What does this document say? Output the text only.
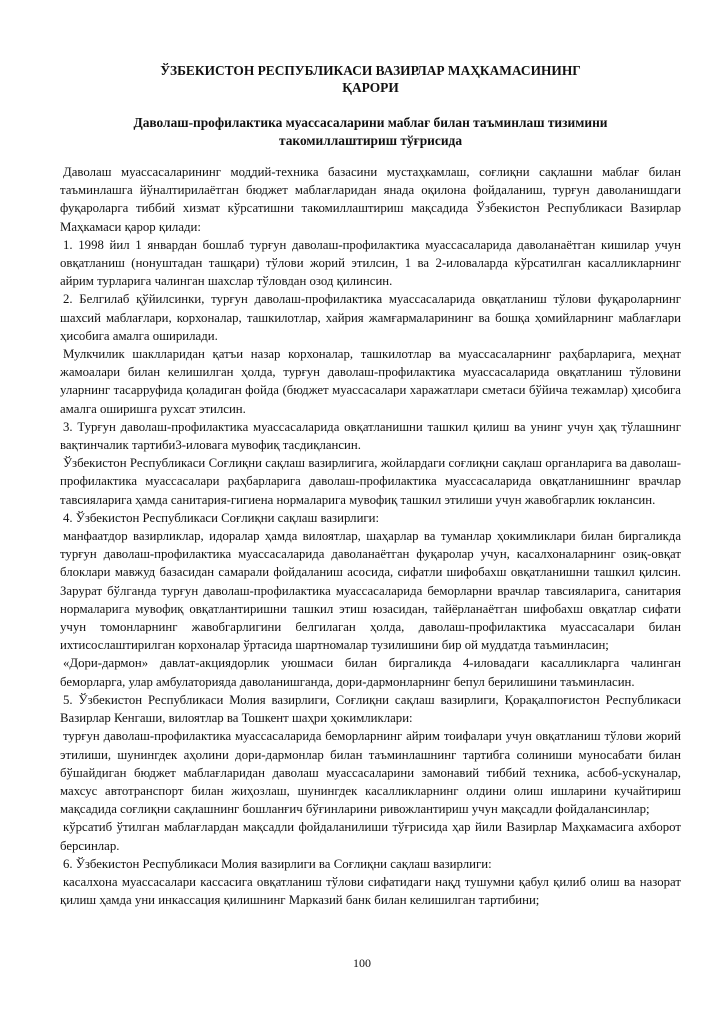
ЎЗБЕКИСТОН РЕСПУБЛИКАСИ ВАЗИРЛАР МАҲКАМАСИНИНГ
ҚАРОРИ
Даволаш-профилактика муассасаларини маблағ билан таъминлаш тизимини
такомиллаштириш тўғрисида

Даволаш муассасаларининг моддий-техника базасини мустаҳкамлаш, соғлиқни сақлашни маблағ билан таъминлашга йўналтирилаётган бюджет маблағларидан янада оқилона фойдаланиш, турғун даволанишдаги фуқароларга тиббий хизмат кўрсатишни такомиллаштириш мақсадида Ўзбекистон Республикаси Вазирлар Маҳкамаси қарор қилади:

1. 1998 йил 1 январдан бошлаб турғун даволаш-профилактика муассасаларида даволанаётган кишилар учун овқатланиш (нонуштадан ташқари) тўлови жорий этилсин, 1 ва 2-иловаларда кўрсатилган касалликларнинг айрим турларига чалинган шахслар тўловдан озод қилинсин.

2. Белгилаб қўйилсинки, турғун даволаш-профилактика муассасаларида овқатланиш тўлови фуқароларнинг шахсий маблағлари, корхоналар, ташкилотлар, хайрия жамғармаларининг ва бошқа ҳомийларнинг маблағлари ҳисобига амалга оширилади.

Мулкчилик шаклларидан қатъи назар корхоналар, ташкилотлар ва муассасаларнинг раҳбарларига, меҳнат жамоалари билан келишилган ҳолда, турғун даволаш-профилактика муассасаларида овқатланиш тўловини уларнинг тасарруфида қоладиган фойда (бюджет муассасалари харажатлари сметаси бўйича тежамлар) ҳисобига амалга оширишга рухсат этилсин.

3. Турғун даволаш-профилактика муассасаларида овқатланишни ташкил қилиш ва унинг учун ҳақ тўлашнинг вақтинчалик тартиби3-иловага мувофиқ тасдиқлансин.

Ўзбекистон Республикаси Соғлиқни сақлаш вазирлигига, жойлардаги соғлиқни сақлаш органларига ва даволаш-профилактика муассасалари раҳбарларига даволаш-профилактика муассасаларида овқатланишнинг врачлар тавсияларига ҳамда санитария-гигиена нормаларига мувофиқ ташкил этилиши учун жавобгарлик юклансин.

4. Ўзбекистон Республикаси Соғлиқни сақлаш вазирлиги:

манфаатдор вазирликлар, идоралар ҳамда вилоятлар, шаҳарлар ва туманлар ҳокимликлари билан биргаликда турғун даволаш-профилактика муассасаларида даволанаётган фуқаролар учун, касалхоналарнинг озиқ-овқат блоклари мавжуд базасидан самарали фойдаланиш асосида, сифатли шифобахш овқатланишни ташкил қилсин. Зарурат бўлганда турғун даволаш-профилактика муассасаларида беморларни врачлар тавсияларига, санитария нормаларига мувофиқ овқатлантиришни ташкил этиш юзасидан, тайёрланаётган шифобахш овқатлар сифати учун томонларнинг жавобгарлигини белгилаган ҳолда, даволаш-профилактика муассасалари билан ихтисослаштирилган корхоналар ўртасида шартномалар тузилишини бир ой муддатда таъминласин;

«Дори-дармон» давлат-акциядорлик уюшмаси билан биргаликда 4-иловадаги касалликларга чалинган беморларга, улар амбулаторияда даволанишганда, дори-дармонларнинг бепул берилишини таъминласин.

5. Ўзбекистон Республикаси Молия вазирлиги, Соғлиқни сақлаш вазирлиги, Қорақалпоғистон Республикаси Вазирлар Кенгаши, вилоятлар ва Тошкент шаҳри ҳокимликлари:

турғун даволаш-профилактика муассасаларида беморларнинг айрим тоифалари учун овқатланиш тўлови жорий этилиши, шунингдек аҳолини дори-дармонлар билан таъминлашнинг тартибга солиниши муносабати билан бўшайдиган бюджет маблағларидан даволаш муассасаларини замонавий тиббий техника, асбоб-ускуналар, махсус автотранспорт билан жиҳозлаш, шунингдек касалликларнинг олдини олиш ишларини кучайтириш мақсадида соғлиқни сақлашнинг бошланғич бўғинларини ривожлантириш учун мақсадли фойдалансинлар;

кўрсатиб ўтилган маблағлардан мақсадли фойдаланилиши тўғрисида ҳар йили Вазирлар Маҳкамасига ахборот берсинлар.

6. Ўзбекистон Республикаси Молия вазирлиги ва Соғлиқни сақлаш вазирлиги:

касалхона муассасалари кассасига овқатланиш тўлови сифатидаги нақд тушумни қабул қилиб олиш ва назорат қилиш ҳамда уни инкассация қилишнинг Марказий банк билан келишилган тартибини;

100
